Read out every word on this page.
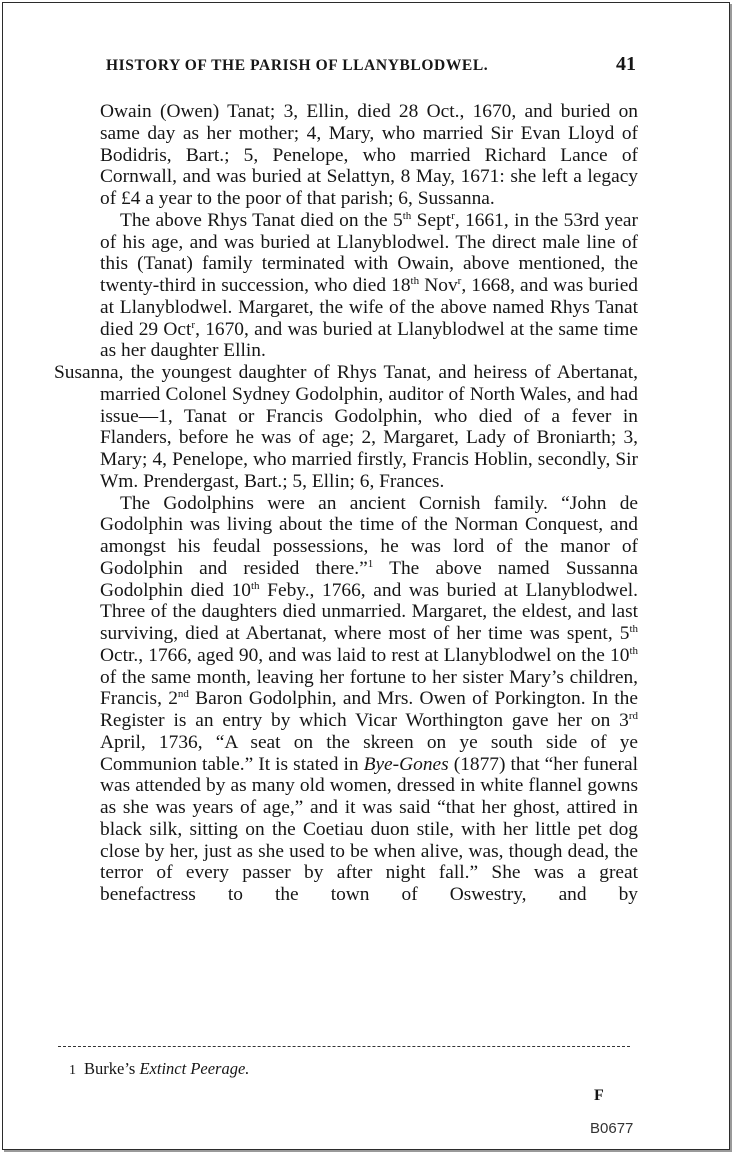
HISTORY OF THE PARISH OF LLANYBLODWEL.	41

Owain (Owen) Tanat; 3, Ellin, died 28 Oct., 1670, and buried on same day as her mother; 4, Mary, who married Sir Evan Lloyd of Bodidris, Bart.; 5, Penelope, who married Richard Lance of Cornwall, and was buried at Selattyn, 8 May, 1671: she left a legacy of £4 a year to the poor of that parish; 6, Sussanna.

The above Rhys Tanat died on the 5th Sept$^r$, 1661, in the 53rd year of his age, and was buried at Llanyblodwel. The direct male line of this (Tanat) family terminated with Owain, above mentioned, the twenty-third in succession, who died 18th Nov$^r$, 1668, and was buried at Llanyblodwel. Margaret, the wife of the above named Rhys Tanat died 29 Oct$^r$, 1670, and was buried at Llanyblodwel at the same time as her daughter Ellin.

Susanna, the youngest daughter of Rhys Tanat, and heiress of Abertanat, married Colonel Sydney Godolphin, auditor of North Wales, and had issue—1, Tanat or Francis Godolphin, who died of a fever in Flanders, before he was of age; 2, Margaret, Lady of Broniarth; 3, Mary; 4, Penelope, who married firstly, Francis Hoblin, secondly, Sir Wm. Prendergast, Bart.; 5, Ellin; 6, Frances.

The Godolphins were an ancient Cornish family. “John de Godolphin was living about the time of the Norman Conquest, and amongst his feudal possessions, he was lord of the manor of Godolphin and resided there.”$^1$ The above named Sussanna Godolphin died 10th Feby., 1766, and was buried at Llanyblodwel. Three of the daughters died unmarried. Margaret, the eldest, and last surviving, died at Abertanat, where most of her time was spent, 5th Octr., 1766, aged 90, and was laid to rest at Llanyblodwel on the 10th of the same month, leaving her fortune to her sister Mary’s children, Francis, 2nd Baron Godolphin, and Mrs. Owen of Porkington. In the Register is an entry by which Vicar Worthington gave her on 3rd April, 1736, “A seat on the skreen on ye south side of ye Communion table.” It is stated in Bye-Gones (1877) that “her funeral was attended by as many old women, dressed in white flannel gowns as she was years of age,” and it was said “that her ghost, attired in black silk, sitting on the Coetiau duon stile, with her little pet dog close by her, just as she used to be when alive, was, though dead, the terror of every passer by after night fall.” She was a great benefactress to the town of Oswestry, and by

1 Burke’s Extinct Peerage.
F
B0677
